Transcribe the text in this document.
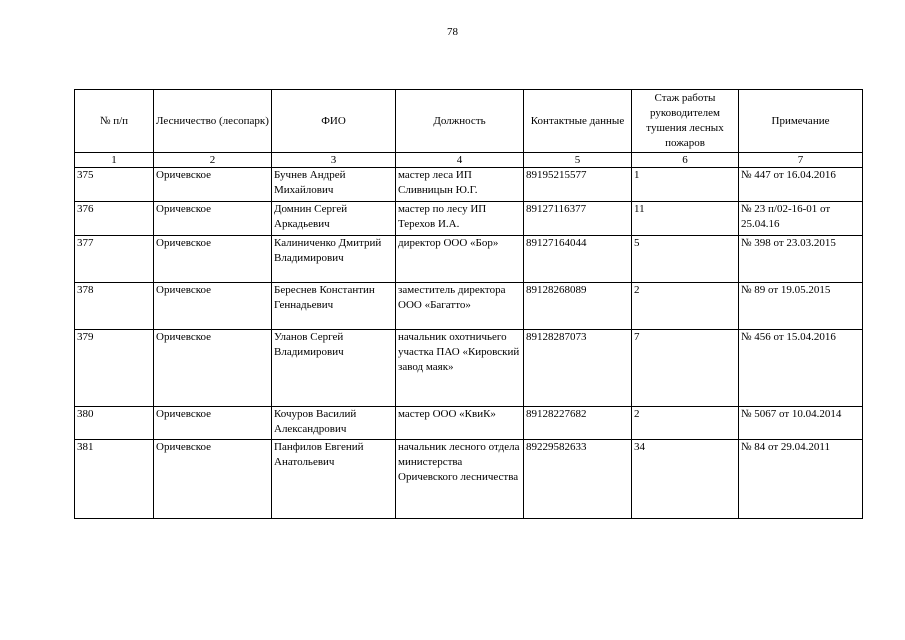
78
№ п/п	Лесничество (лесопарк)	ФИО	Должность	Контактные данные	Стаж работы руководителем тушения лесных пожаров	Примечание
1	2	3	4	5	6	7
375	Оричевское	Бучнев Андрей Михайлович	мастер леса ИП Сливницын Ю.Г.	89195215577	1	№ 447 от 16.04.2016
376	Оричевское	Домнин Сергей Аркадьевич	мастер по лесу ИП Терехов И.А.	89127116377	11	№ 23 п/02-16-01 от 25.04.16
377	Оричевское	Калиниченко Дмитрий Владимирович	директор ООО «Бор»	89127164044	5	№ 398 от 23.03.2015
378	Оричевское	Береснев Константин Геннадьевич	заместитель директора ООО «Багатто»	89128268089	2	№ 89 от 19.05.2015
379	Оричевское	Уланов Сергей Владимирович	начальник охотничьего участка ПАО «Кировский завод маяк»	89128287073	7	№ 456 от 15.04.2016
380	Оричевское	Кочуров Василий Александрович	мастер ООО «КвиК»	89128227682	2	№ 5067 от 10.04.2014
381	Оричевское	Панфилов Евгений Анатольевич	начальник лесного отдела министерства Оричевского лесничества	89229582633	34	№ 84 от 29.04.2011
